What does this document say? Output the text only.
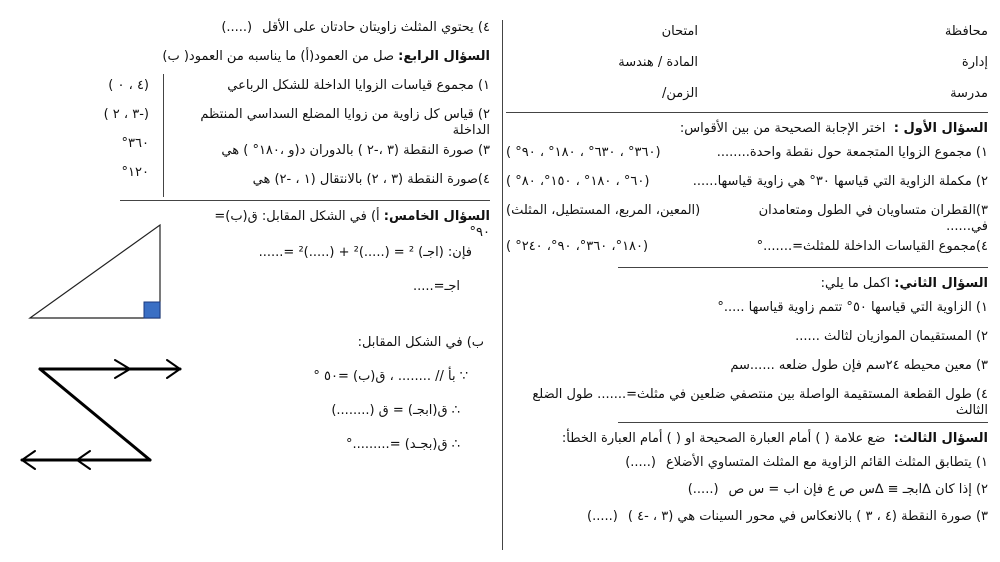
محافظة
امتحان
إدارة
المادة / هندسة
مدرسة
الزمن/
السؤال الأول :  اختر الإجابة الصحيحة من بين الأقواس:
١) مجموع الزوايا المتجمعة حول نقطة واحدة........
(٣٦٠° ، ٦٣٠° ، ١٨٠° ، ٩٠° )
٢) مكملة الزاوية التي قياسها ٣٠° هي زاوية قياسها......
(٦٠° ، ١٨٠° ، ١٥٠°، ٨٠° )
٣)القطران متساويان في الطول ومتعامدان في......
(المعين، المربع، المستطيل، المثلث)
٤)مجموع القياسات الداخلة للمثلث=.......°
(١٨٠°، ٣٦٠°، ٩٠°، ٢٤٠° )
السؤال الثاني: اكمل ما يلي:
١) الزاوية التي قياسها ٥٠° تتمم زاوية قياسها .....°
٢) المستقيمان الموازيان لثالث ......
٣) معين محيطه ٢٤سم فإن طول ضلعه ......سم
٤) طول القطعة المستقيمة الواصلة بين منتصفي ضلعين في مثلث=....... طول الضلع الثالث
السؤال الثالث:  ضع علامة ( ) أمام العبارة الصحيحة او ( ) أمام العبارة الخطأ:
١) يتطابق المثلث القائم الزاوية مع المثلث المتساوي الأضلاع
(.....)
٢) إذا كان ∆ابجـ ≡ ∆س ص ع فإن اب = س ص
(.....)
٣) صورة النقطة (٤ ، ٣ ) بالانعكاس في محور السينات هي (٣ ، -٤ )
(.....)
٤) يحتوي المثلث زاويتان حادتان على الأقل
(.....)
السؤال الرابع: صل من العمود(أ) ما يناسبه من العمود( ب)
١) مجموع قياسات الزوايا الداخلة للشكل الرباعي
٢) قياس كل زاوية من زوايا المضلع السداسي المنتظم الداخلة
٣) صورة النقطة (٣ ،-٢ ) بالدوران د(و ،١٨٠° ) هي
٤)صورة النقطة (٣ ، ٢) بالانتقال (١ ، -٢) هي
(٤ ، ٠ )
(-٣ ، ٢ )
٣٦٠°
١٢٠°
السؤال الخامس: أ) في الشكل المقابل: ق(ب)= ٩٠°
فإن: (اجـ) ² = (.....)² + (.....)² =......
اجـ=.....
ب) في الشكل المقابل:
∵ بأ // ........ ، ق(ب) =٥٠ °
∴ ق(ابجـ) = ق (........)
∴ ق(بجـد) =.........°
